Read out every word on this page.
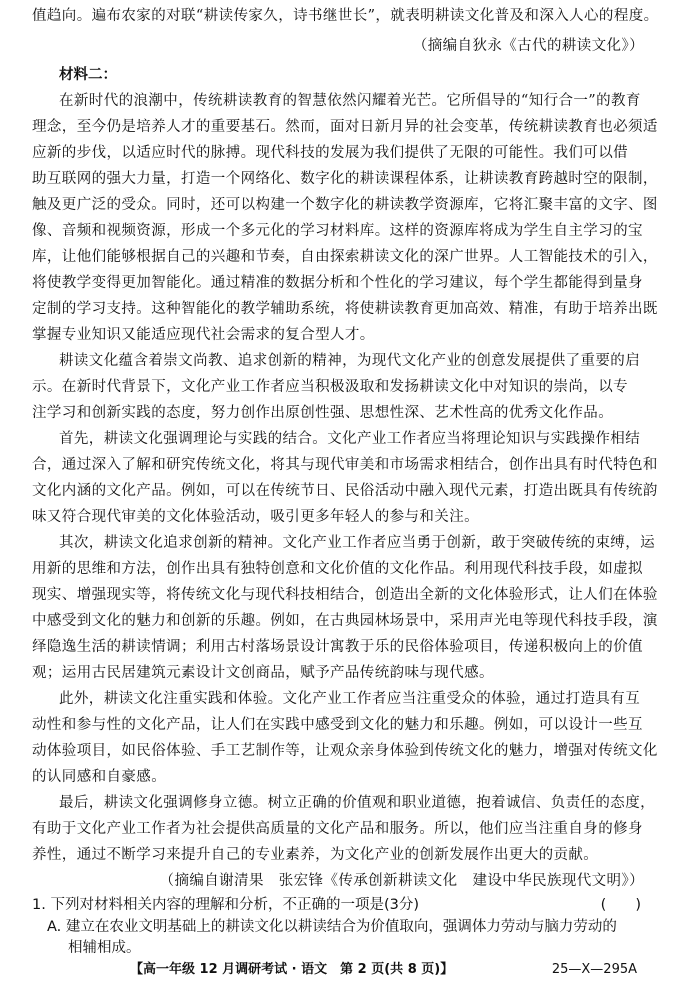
值趋向。遍布农家的对联“耕读传家久，诗书继世长”，就表明耕读文化普及和深入人心的程度。
（摘编自狄永《古代的耕读文化》）
材料二：
在新时代的浪潮中，传统耕读教育的智慧依然闪耀着光芒。它所倡导的“知行合一”的教育
理念，至今仍是培养人才的重要基石。然而，面对日新月异的社会变革，传统耕读教育也必须适
应新的步伐，以适应时代的脉搏。现代科技的发展为我们提供了无限的可能性。我们可以借
助互联网的强大力量，打造一个网络化、数字化的耕读课程体系，让耕读教育跨越时空的限制，
触及更广泛的受众。同时，还可以构建一个数字化的耕读教学资源库，它将汇聚丰富的文字、图
像、音频和视频资源，形成一个多元化的学习材料库。这样的资源库将成为学生自主学习的宝
库，让他们能够根据自己的兴趣和节奏，自由探索耕读文化的深广世界。人工智能技术的引入，
将使教学变得更加智能化。通过精准的数据分析和个性化的学习建议，每个学生都能得到量身
定制的学习支持。这种智能化的教学辅助系统，将使耕读教育更加高效、精准，有助于培养出既
掌握专业知识又能适应现代社会需求的复合型人才。
耕读文化蕴含着崇文尚教、追求创新的精神，为现代文化产业的创意发展提供了重要的启
示。在新时代背景下，文化产业工作者应当积极汲取和发扬耕读文化中对知识的崇尚，以专
注学习和创新实践的态度，努力创作出原创性强、思想性深、艺术性高的优秀文化作品。
首先，耕读文化强调理论与实践的结合。文化产业工作者应当将理论知识与实践操作相结
合，通过深入了解和研究传统文化，将其与现代审美和市场需求相结合，创作出具有时代特色和
文化内涵的文化产品。例如，可以在传统节日、民俗活动中融入现代元素，打造出既具有传统韵
味又符合现代审美的文化体验活动，吸引更多年轻人的参与和关注。
其次，耕读文化追求创新的精神。文化产业工作者应当勇于创新，敢于突破传统的束缚，运
用新的思维和方法，创作出具有独特创意和文化价值的文化作品。利用现代科技手段，如虚拟
现实、增强现实等，将传统文化与现代科技相结合，创造出全新的文化体验形式，让人们在体验
中感受到文化的魅力和创新的乐趣。例如，在古典园林场景中，采用声光电等现代科技手段，演
绎隐逸生活的耕读情调；利用古村落场景设计寓教于乐的民俗体验项目，传递积极向上的价值
观；运用古民居建筑元素设计文创商品，赋予产品传统韵味与现代感。
此外，耕读文化注重实践和体验。文化产业工作者应当注重受众的体验，通过打造具有互
动性和参与性的文化产品，让人们在实践中感受到文化的魅力和乐趣。例如，可以设计一些互
动体验项目，如民俗体验、手工艺制作等，让观众亲身体验到传统文化的魅力，增强对传统文化
的认同感和自豪感。
最后，耕读文化强调修身立德。树立正确的价值观和职业道德，抱着诚信、负责任的态度，
有助于文化产业工作者为社会提供高质量的文化产品和服务。所以，他们应当注重自身的修身
养性，通过不断学习来提升自己的专业素养，为文化产业的创新发展作出更大的贡献。
（摘编自谢清果　张宏锋《传承创新耕读文化　建设中华民族现代文明》）
1. 下列对材料相关内容的理解和分析，不正确的一项是(3分)	(　　)
A. 建立在农业文明基础上的耕读文化以耕读结合为价值取向，强调体力劳动与脑力劳动的
相辅相成。
【高一年级 12 月调研考试 · 语文　第 2 页(共 8 页)】	25—X—295A
